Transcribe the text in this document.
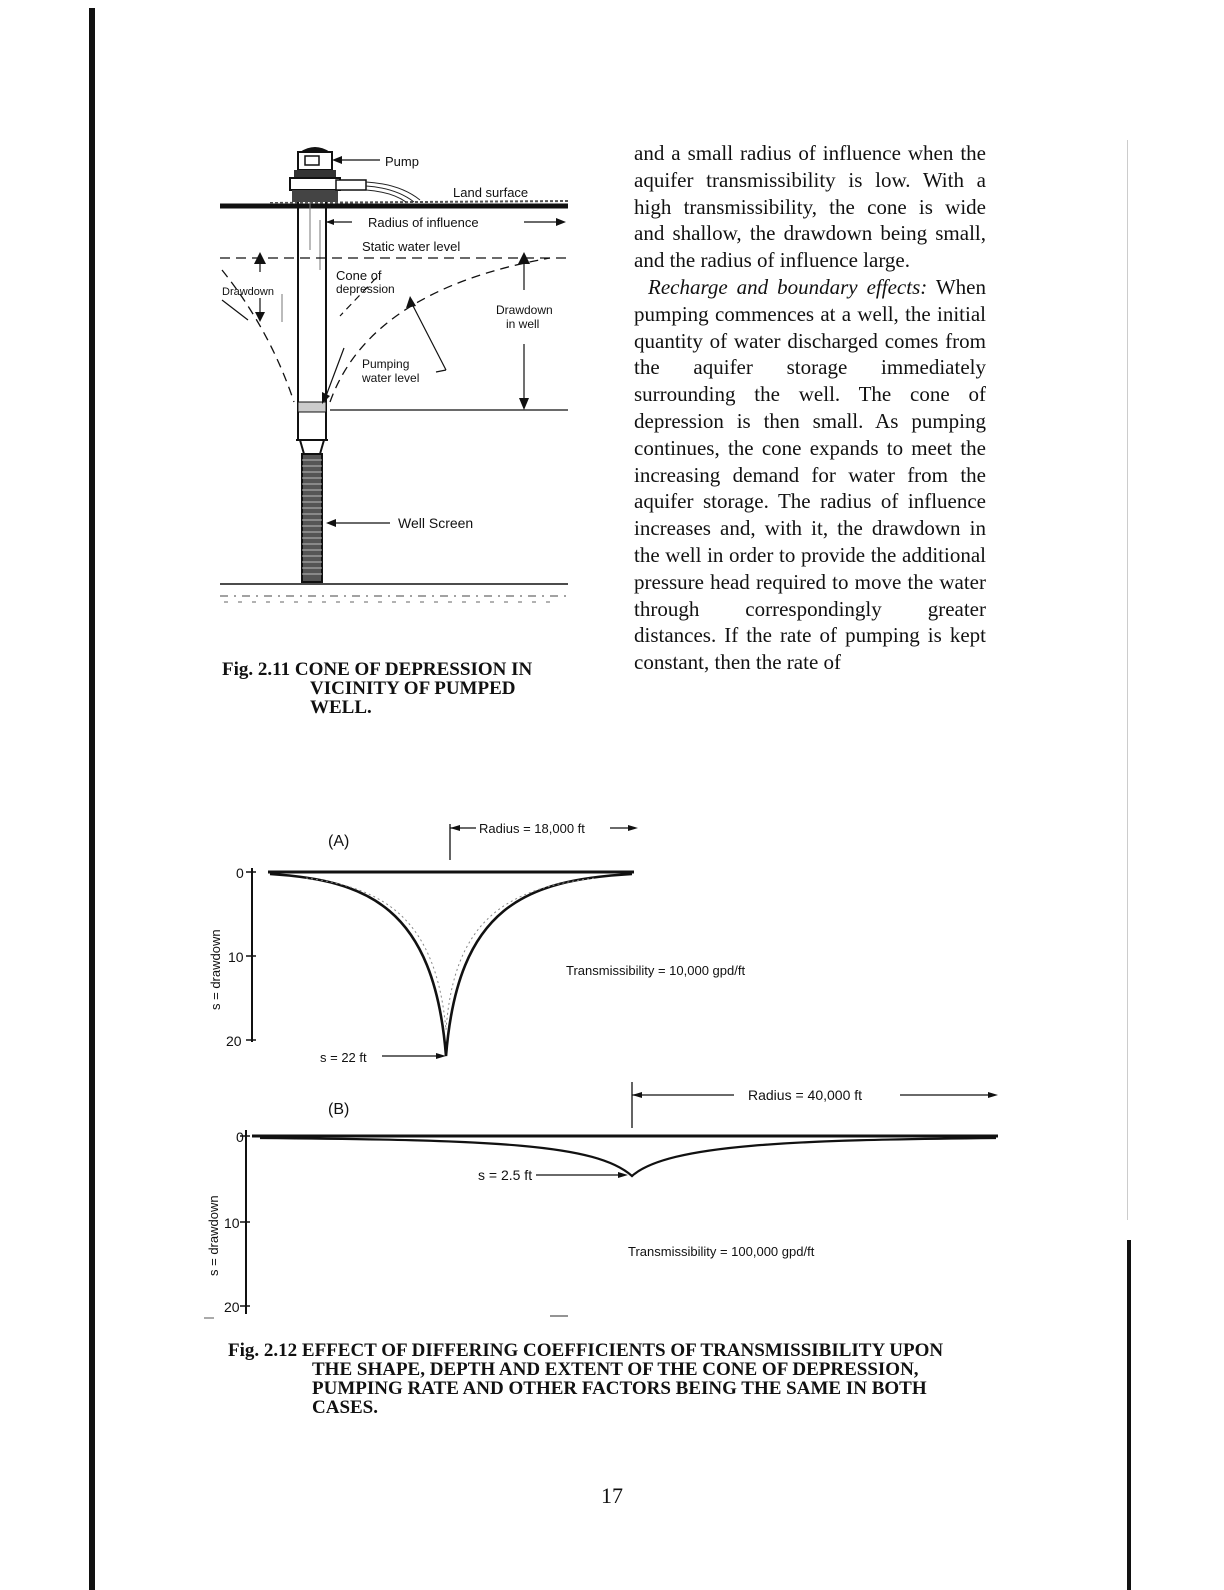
Pump
Land surface
Radius of influence
Static water level
Cone of
depression
Drawdown
Drawdown
in well
Pumping
water level
Well Screen
Fig. 2.11 CONE OF DEPRESSION IN
VICINITY OF PUMPED
WELL.

and a small radius of influence when the aquifer transmissibility is low. With a high transmissibility, the cone is wide and shallow, the drawdown being small, and the radius of influence large.

Recharge and boundary effects: When pumping commences at a well, the initial quantity of water discharged comes from the aquifer storage immediately surrounding the well. The cone of depression is then small. As pumping continues, the cone expands to meet the increasing demand for water from the aquifer storage. The radius of influence increases and, with it, the drawdown in the well in order to provide the additional pressure head required to move the water through correspondingly greater distances. If the rate of pumping is kept constant, then the rate of

(A)
Radius = 18,000 ft
0
10
20
s = drawdown
s = 22 ft
Transmissibility = 10,000 gpd/ft
(B)
Radius = 40,000 ft
0
10
20
s = drawdown
s = 2.5 ft
Transmissibility = 100,000 gpd/ft
Fig. 2.12 EFFECT OF DIFFERING COEFFICIENTS OF TRANSMISSIBILITY UPON
THE SHAPE, DEPTH AND EXTENT OF THE CONE OF DEPRESSION,
PUMPING RATE AND OTHER FACTORS BEING THE SAME IN BOTH
CASES.
17
